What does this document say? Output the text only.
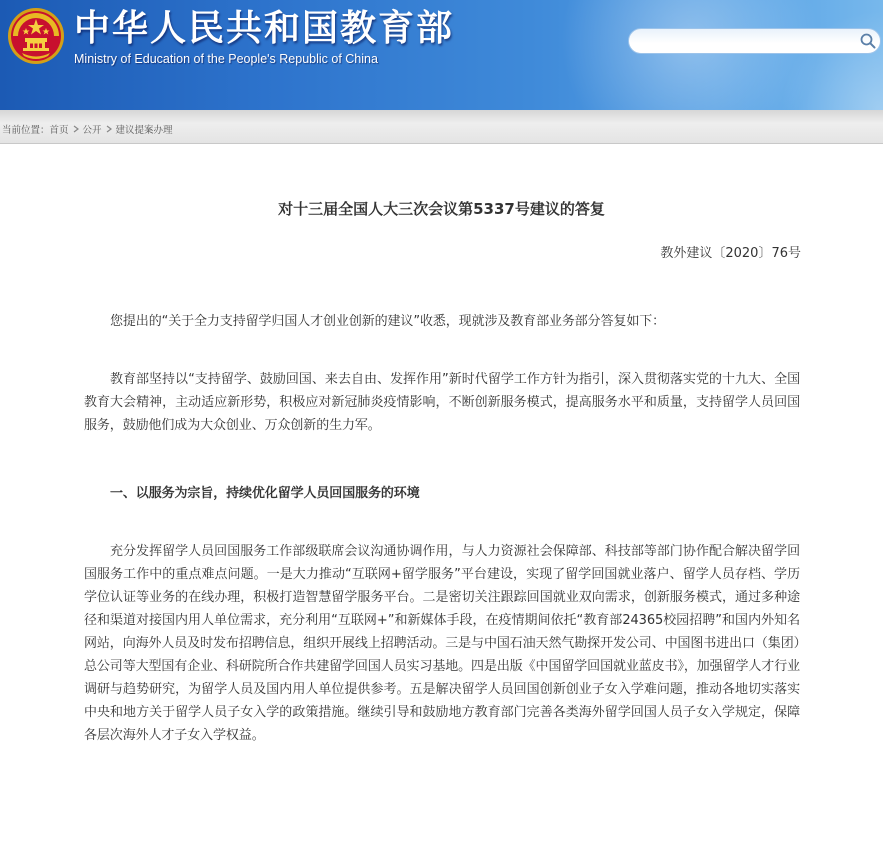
中华人民共和国教育部
Ministry of Education of the People's Republic of China
当前位置： 首页 公开 建议提案办理
对十三届全国人大三次会议第5337号建议的答复
教外建议〔2020〕76号

您提出的“关于全力支持留学归国人才创业创新的建议”收悉，现就涉及教育部业务部分答复如下：

教育部坚持以“支持留学、鼓励回国、来去自由、发挥作用”新时代留学工作方针为指引，深入贯彻落实党的十九大、全国教育大会精神，主动适应新形势，积极应对新冠肺炎疫情影响，不断创新服务模式，提高服务水平和质量，支持留学人员回国服务，鼓励他们成为大众创业、万众创新的生力军。

一、以服务为宗旨，持续优化留学人员回国服务的环境

充分发挥留学人员回国服务工作部级联席会议沟通协调作用，与人力资源社会保障部、科技部等部门协作配合解决留学回国服务工作中的重点难点问题。一是大力推动“互联网+留学服务”平台建设，实现了留学回国就业落户、留学人员存档、学历学位认证等业务的在线办理，积极打造智慧留学服务平台。二是密切关注跟踪回国就业双向需求，创新服务模式，通过多种途径和渠道对接国内用人单位需求，充分利用“互联网+”和新媒体手段，在疫情期间依托“教育部24365校园招聘”和国内外知名网站，向海外人员及时发布招聘信息，组织开展线上招聘活动。三是与中国石油天然气勘探开发公司、中国图书进出口（集团）总公司等大型国有企业、科研院所合作共建留学回国人员实习基地。四是出版《中国留学回国就业蓝皮书》，加强留学人才行业调研与趋势研究，为留学人员及国内用人单位提供参考。五是解决留学人员回国创新创业子女入学难问题，推动各地切实落实中央和地方关于留学人员子女入学的政策措施。继续引导和鼓励地方教育部门完善各类海外留学回国人员子女入学规定，保障各层次海外人才子女入学权益。
